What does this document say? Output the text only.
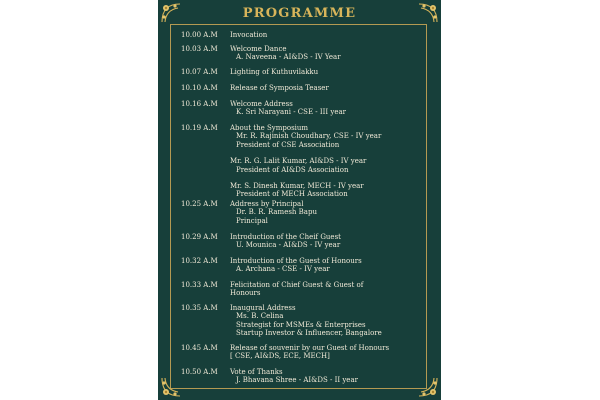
PROGRAMME
10.00 A.M	Invocation
10.03 A.M	Welcome Dance
A. Naveena - AI&DS - IV Year
10.07 A.M	Lighting of Kuthuvilakku
10.10 A.M	Release of Symposia Teaser
10.16 A.M	Welcome Address
K. Sri Narayani - CSE - III year
10.19 A.M	About the Symposium
Mr. R. Rajinish Choudhary, CSE - IV year
President of CSE Association
Mr. R. G. Lalit Kumar, AI&DS - IV year
President of AI&DS Association
Mr. S. Dinesh Kumar, MECH - IV year
President of MECH Association
10.25 A.M	Address by Principal
Dr. B. R. Ramesh Bapu
Principal
10.29 A.M	Introduction of the Cheif Guest
U. Mounica - AI&DS - IV year
10.32 A.M	Introduction of the Guest of Honours
A. Archana - CSE - IV year
10.33 A.M	Felicitation of Chief Guest & Guest of
Honours
10.35 A.M	Inaugural Address
Ms. B. Celina
Strategist for MSMEs & Enterprises
Startup Investor & Influencer, Bangalore
10.45 A.M	Release of souvenir by our Guest of Honours
[ CSE, AI&DS, ECE, MECH]
10.50 A.M	Vote of Thanks
J. Bhavana Shree - AI&DS - II year
